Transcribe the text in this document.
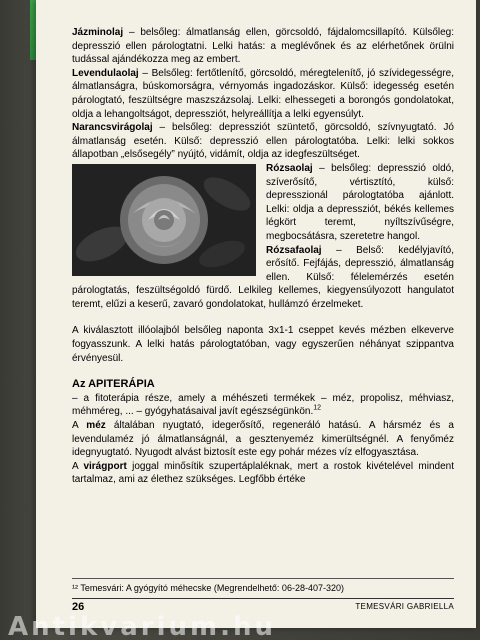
Jázminolaj – belsőleg: álmatlanság ellen, görcsoldó, fájdalomcsillapító. Külsőleg: depresszió ellen párologtatni. Lelki hatás: a meglévőnek és az elérhetőnek örülni tudással ajándékozza meg az embert.

Levendulaolaj – Belsőleg: fertőtlenítő, görcsoldó, méregtelenítő, jó szívidegességre, álmatlanságra, búskomorságra, vérnyomás ingadozáskor. Külső: idegesség esetén párologtató, feszültségre maszszázsolaj. Lelki: elhessegeti a borongós gondolatokat, oldja a lehangoltságot, depressziót, helyreállítja a lelki egyensúlyt.

Narancsvirágolaj – belsőleg: depressziót szüntető, görcsoldó, szívnyugtató. Jó álmatlanság esetén. Külső: depresszió ellen párologtatóba. Lelki: lelki sokkos állapotban „elsősegély” nyújtó, vidámít, oldja az idegfeszültséget.

Rózsaolaj – belsőleg: depresszió oldó, szíverősítő, vértisztító, külső: depresszionál párologtatóba ajánlott. Lelki: oldja a depressziót, békés kellemes légkört teremt, nyíltszívűségre, megbocsátásra, szeretetre hangol.

Rózsafaolaj – Belső: kedélyjavító, erősítő. Fejfájás, depresszió, álmatlanság ellen. Külső: félelemérzés esetén párologtatás, feszültségoldó fürdő. Lelkileg kellemes, kiegyensúlyozott hangulatot teremt, elűzi a keserű, zavaró gondolatokat, hullámzó érzelmeket.

A kiválasztott illóolajból belsőleg naponta 3x1-1 cseppet kevés mézben elkeverve fogyasszunk. A lelki hatás párologtatóban, vagy egyszerűen néhányat szippantva érvényesül.

Az APITERÁPIA

– a fitoterápia része, amely a méhészeti termékek – méz, propolisz, méhviasz, méhméreg, ... – gyógyhatásaival javít egészségünkön.$^{12}$

A méz általában nyugtató, idegerősítő, regeneráló hatású. A hársméz és a levendulaméz jó álmatlanságnál, a gesztenyeméz kimerültségnél. A fenyőméz idegnyugtató. Nyugodt alvást biztosít este egy pohár mézes víz elfogyasztása.

A virágport joggal minősítik szupertáplaléknak, mert a rostok kivételével mindent tartalmaz, ami az élethez szükséges. Legfőbb értéke

¹² Temesvári: A gyógyító méhecske (Megrendelhető: 06-28-407-320)
26	TEMESVÁRI GABRIELLA
Antikvarium.hu
